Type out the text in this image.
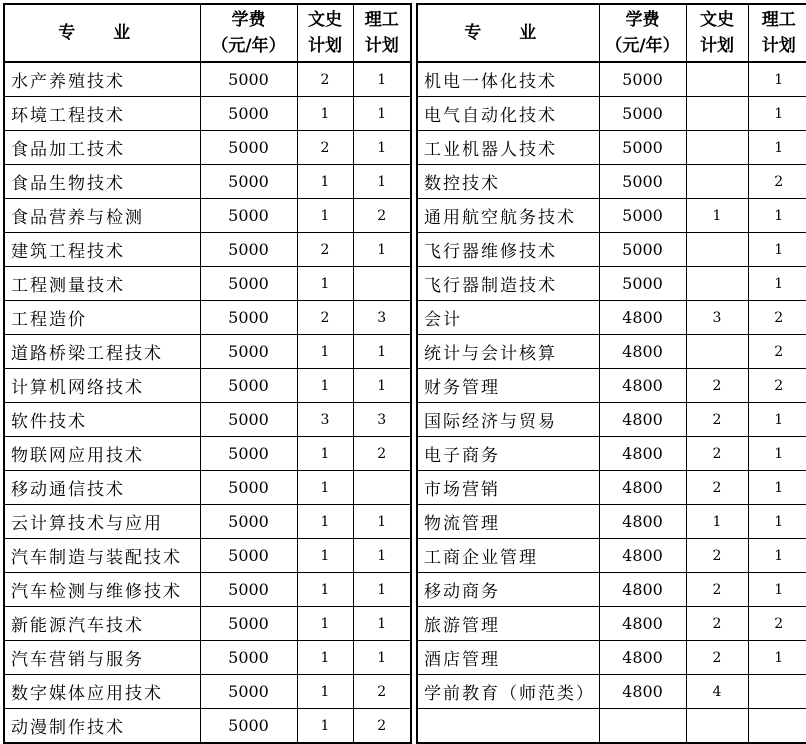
专 业	学费
（元/年）	文史
计划	理工
计划

水产养殖技术	5000	2	1
环境工程技术	5000	1	1
食品加工技术	5000	2	1
食品生物技术	5000	1	1
食品营养与检测	5000	1	2
建筑工程技术	5000	2	1
工程测量技术	5000	1	
工程造价	5000	2	3
道路桥梁工程技术	5000	1	1
计算机网络技术	5000	1	1
软件技术	5000	3	3
物联网应用技术	5000	1	2
移动通信技术	5000	1	
云计算技术与应用	5000	1	1
汽车制造与装配技术	5000	1	1
汽车检测与维修技术	5000	1	1
新能源汽车技术	5000	1	1
汽车营销与服务	5000	1	1
数字媒体应用技术	5000	1	2
动漫制作技术	5000	1	2
专 业	学费
（元/年）	文史
计划	理工
计划

机电一体化技术	5000		1
电气自动化技术	5000		1
工业机器人技术	5000		1
数控技术	5000		2
通用航空航务技术	5000	1	1
飞行器维修技术	5000		1
飞行器制造技术	5000		1
会计	4800	3	2
统计与会计核算	4800		2
财务管理	4800	2	2
国际经济与贸易	4800	2	1
电子商务	4800	2	1
市场营销	4800	2	1
物流管理	4800	1	1
工商企业管理	4800	2	1
移动商务	4800	2	1
旅游管理	4800	2	2
酒店管理	4800	2	1
学前教育（师范类）	4800	4	
